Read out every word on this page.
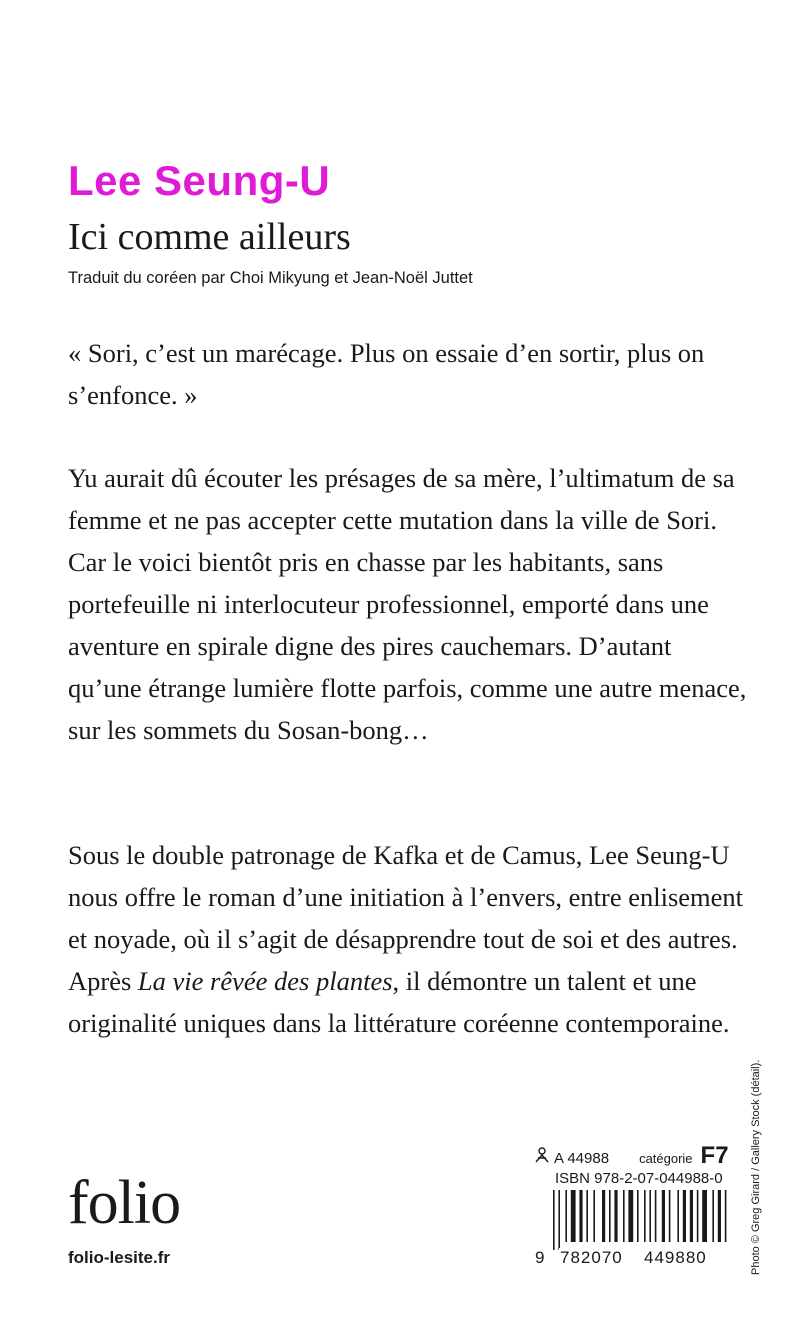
Lee Seung-U
Ici comme ailleurs
Traduit du coréen par Choi Mikyung et Jean-Noël Juttet

« Sori, c’est un marécage. Plus on essaie d’en sortir, plus on s’enfonce. »

Yu aurait dû écouter les présages de sa mère, l’ultimatum de sa femme et ne pas accepter cette mutation dans la ville de Sori. Car le voici bientôt pris en chasse par les habitants, sans portefeuille ni interlocuteur professionnel, emporté dans une aventure en spirale digne des pires cauchemars. D’autant qu’une étrange lumière flotte parfois, comme une autre menace, sur les sommets du Sosan-bong…

Sous le double patronage de Kafka et de Camus, Lee Seung-U nous offre le roman d’une initiation à l’envers, entre enlisement et noyade, où il s’agit de désapprendre tout de soi et des autres. Après La vie rêvée des plantes, il démontre un talent et une originalité uniques dans la littérature coréenne contemporaine.

Photo © Greg Girard / Gallery Stock (détail).
folio
folio-lesite.fr
A 44988 catégorie F7
ISBN 978-2-07-044988-0
9 782070 449880
